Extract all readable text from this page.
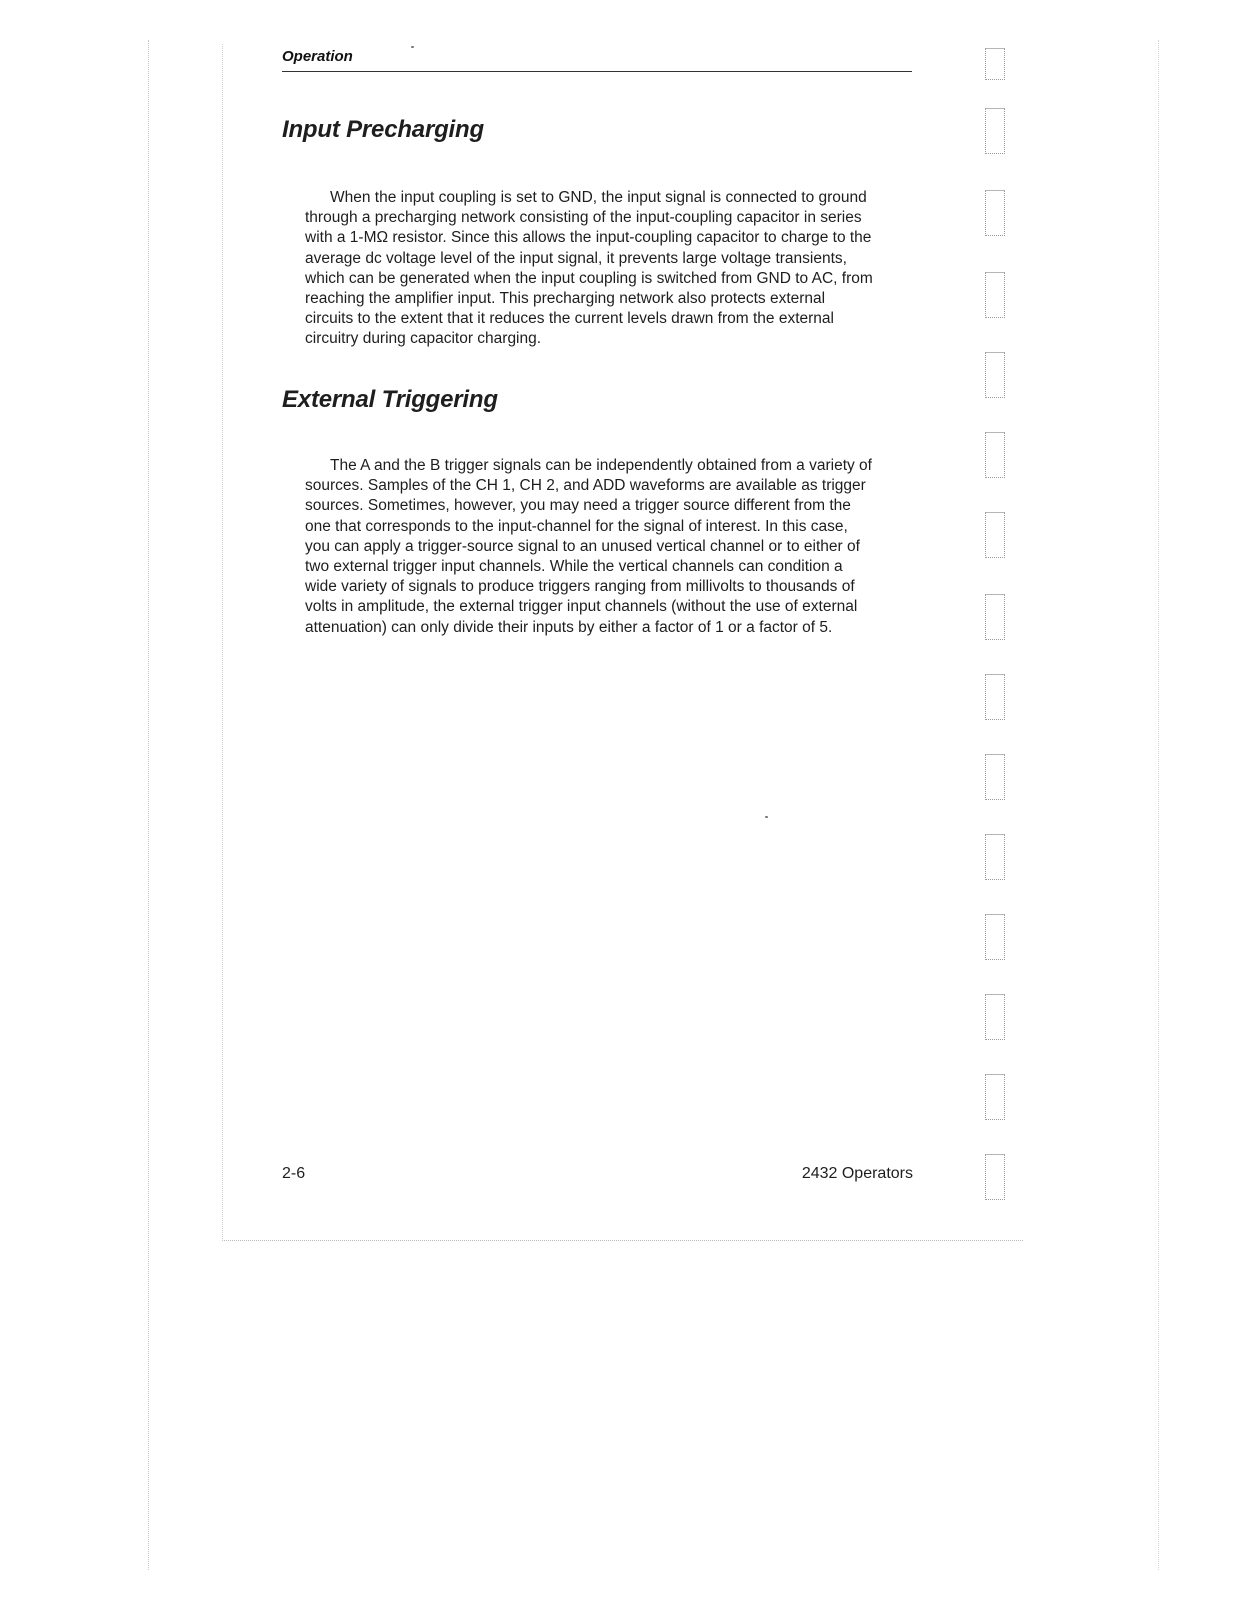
Operation
Input Precharging
When the input coupling is set to GND, the input signal is connected to ground
through a precharging network consisting of the input-coupling capacitor in series
with a 1-MΩ resistor. Since this allows the input-coupling capacitor to charge to the
average dc voltage level of the input signal, it prevents large voltage transients,
which can be generated when the input coupling is switched from GND to AC, from
reaching the amplifier input. This precharging network also protects external
circuits to the extent that it reduces the current levels drawn from the external
circuitry during capacitor charging.
External Triggering
The A and the B trigger signals can be independently obtained from a variety of
sources. Samples of the CH 1, CH 2, and ADD waveforms are available as trigger
sources. Sometimes, however, you may need a trigger source different from the
one that corresponds to the input-channel for the signal of interest. In this case,
you can apply a trigger-source signal to an unused vertical channel or to either of
two external trigger input channels. While the vertical channels can condition a
wide variety of signals to produce triggers ranging from millivolts to thousands of
volts in amplitude, the external trigger input channels (without the use of external
attenuation) can only divide their inputs by either a factor of 1 or a factor of 5.
2-6	2432 Operators
